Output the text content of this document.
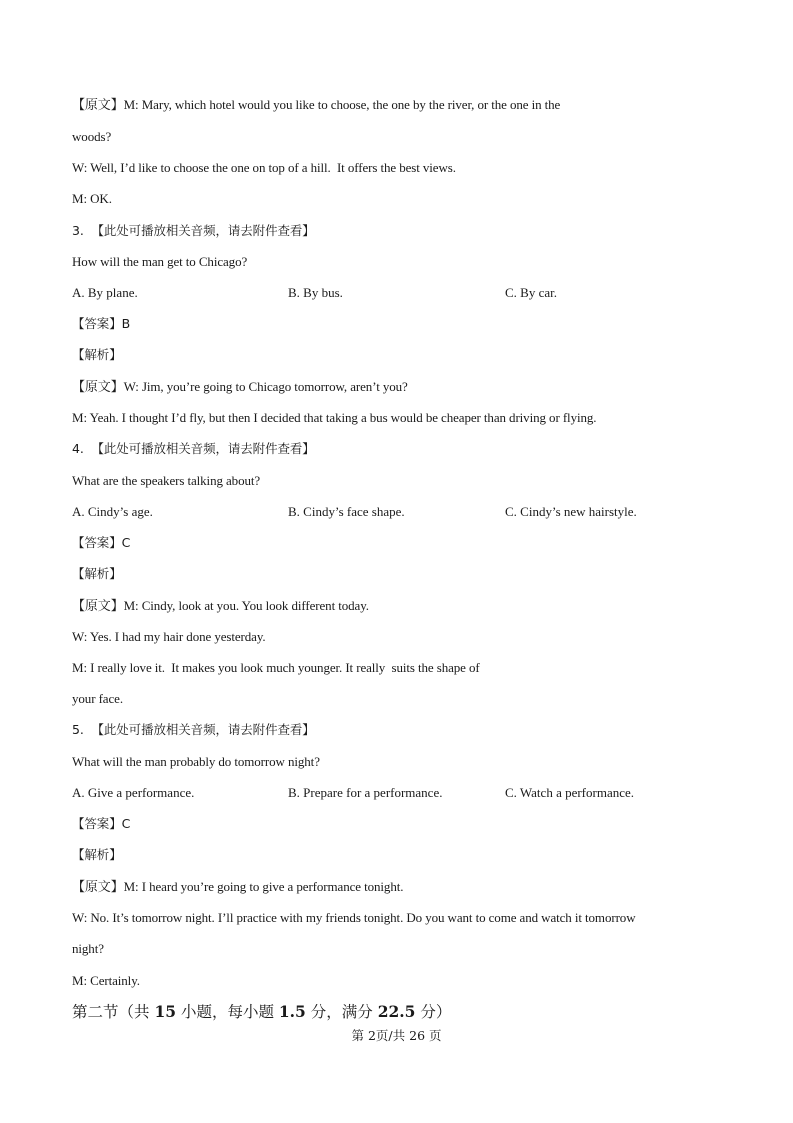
【原文】M: Mary, which hotel would you like to choose, the one by the river, or the one in the
woods?
W: Well, I’d like to choose the one on top of a hill.  It offers the best views.
M: OK.
3.  【此处可播放相关音频，请去附件查看】
How will the man get to Chicago?
A. By plane.	B. By bus.	C. By car.
【答案】B
【解析】
【原文】W: Jim, you’re going to Chicago tomorrow, aren’t you?
M: Yeah. I thought I’d fly, but then I decided that taking a bus would be cheaper than driving or flying.
4.  【此处可播放相关音频，请去附件查看】
What are the speakers talking about?
A. Cindy’s age.	B. Cindy’s face shape.	C. Cindy’s new hairstyle.
【答案】C
【解析】
【原文】M: Cindy, look at you. You look different today.
W: Yes. I had my hair done yesterday.
M: I really love it.  It makes you look much younger. It really  suits the shape of
your face.
5.  【此处可播放相关音频，请去附件查看】
What will the man probably do tomorrow night?
A. Give a performance.	B. Prepare for a performance.	C. Watch a performance.
【答案】C
【解析】
【原文】M: I heard you’re going to give a performance tonight.
W: No. It’s tomorrow night. I’ll practice with my friends tonight. Do you want to come and watch it tomorrow
night?
M: Certainly.
第二节（共 15 小题，每小题 1.5 分，满分 22.5 分）
第 2页/共 26 页
